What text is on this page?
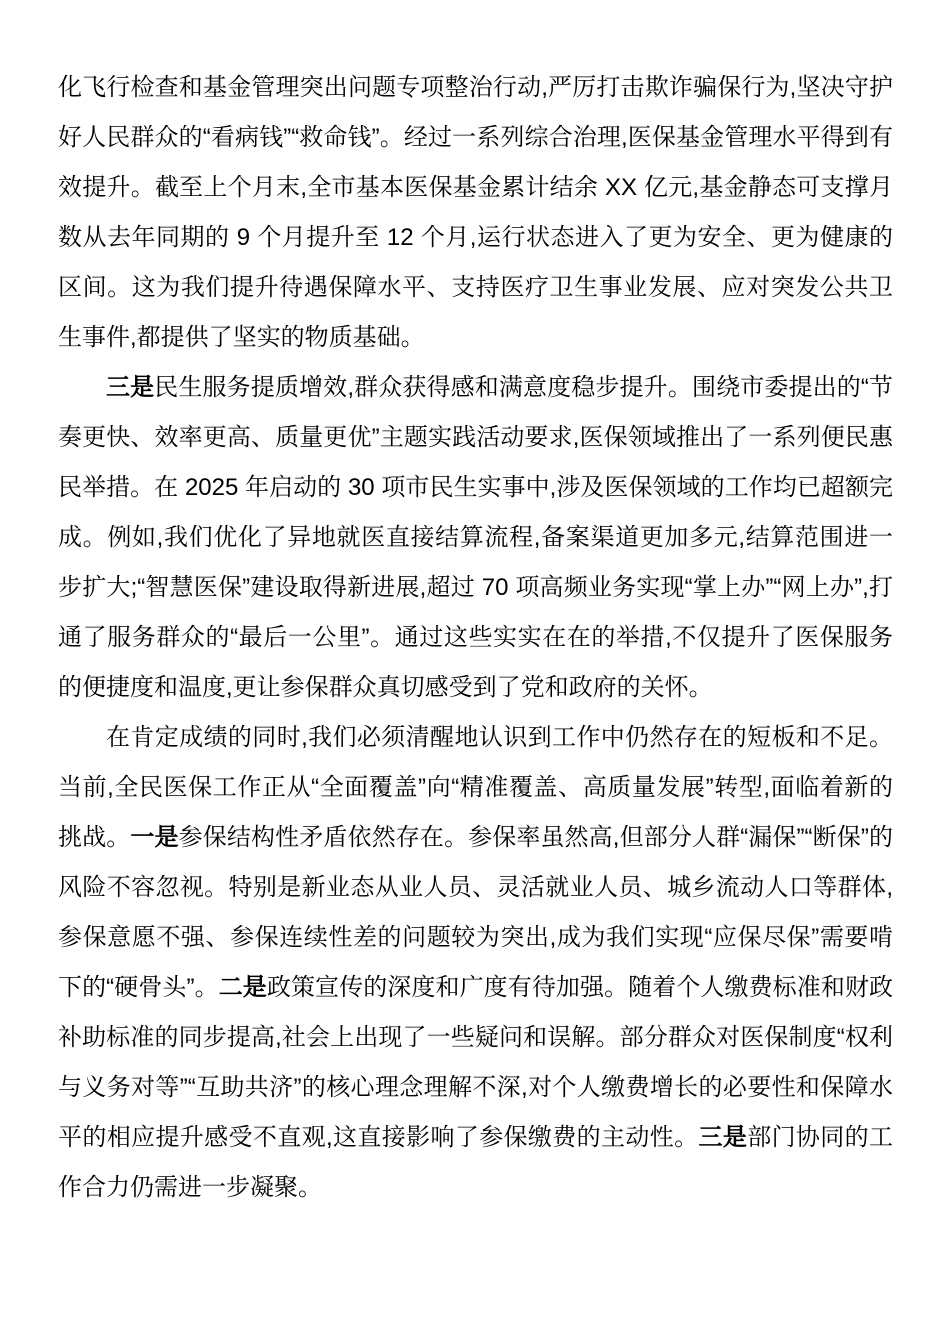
化飞行检查和基金管理突出问题专项整治行动,严厉打击欺诈骗保行为,坚决守护好人民群众的“看病钱”“救命钱”。经过一系列综合治理,医保基金管理水平得到有效提升。截至上个月末,全市基本医保基金累计结余 XX 亿元,基金静态可支撑月数从去年同期的 9 个月提升至 12 个月,运行状态进入了更为安全、更为健康的区间。这为我们提升待遇保障水平、支持医疗卫生事业发展、应对突发公共卫生事件,都提供了坚实的物质基础。

三是民生服务提质增效,群众获得感和满意度稳步提升。围绕市委提出的“节奏更快、效率更高、质量更优”主题实践活动要求,医保领域推出了一系列便民惠民举措。在 2025 年启动的 30 项市民生实事中,涉及医保领域的工作均已超额完成。例如,我们优化了异地就医直接结算流程,备案渠道更加多元,结算范围进一步扩大;“智慧医保”建设取得新进展,超过 70 项高频业务实现“掌上办”“网上办”,打通了服务群众的“最后一公里”。通过这些实实在在的举措,不仅提升了医保服务的便捷度和温度,更让参保群众真切感受到了党和政府的关怀。

在肯定成绩的同时,我们必须清醒地认识到工作中仍然存在的短板和不足。当前,全民医保工作正从“全面覆盖”向“精准覆盖、高质量发展”转型,面临着新的挑战。一是参保结构性矛盾依然存在。参保率虽然高,但部分人群“漏保”“断保”的风险不容忽视。特别是新业态从业人员、灵活就业人员、城乡流动人口等群体,参保意愿不强、参保连续性差的问题较为突出,成为我们实现“应保尽保”需要啃下的“硬骨头”。二是政策宣传的深度和广度有待加强。随着个人缴费标准和财政补助标准的同步提高,社会上出现了一些疑问和误解。部分群众对医保制度“权利与义务对等”“互助共济”的核心理念理解不深,对个人缴费增长的必要性和保障水平的相应提升感受不直观,这直接影响了参保缴费的主动性。三是部门协同的工作合力仍需进一步凝聚。
